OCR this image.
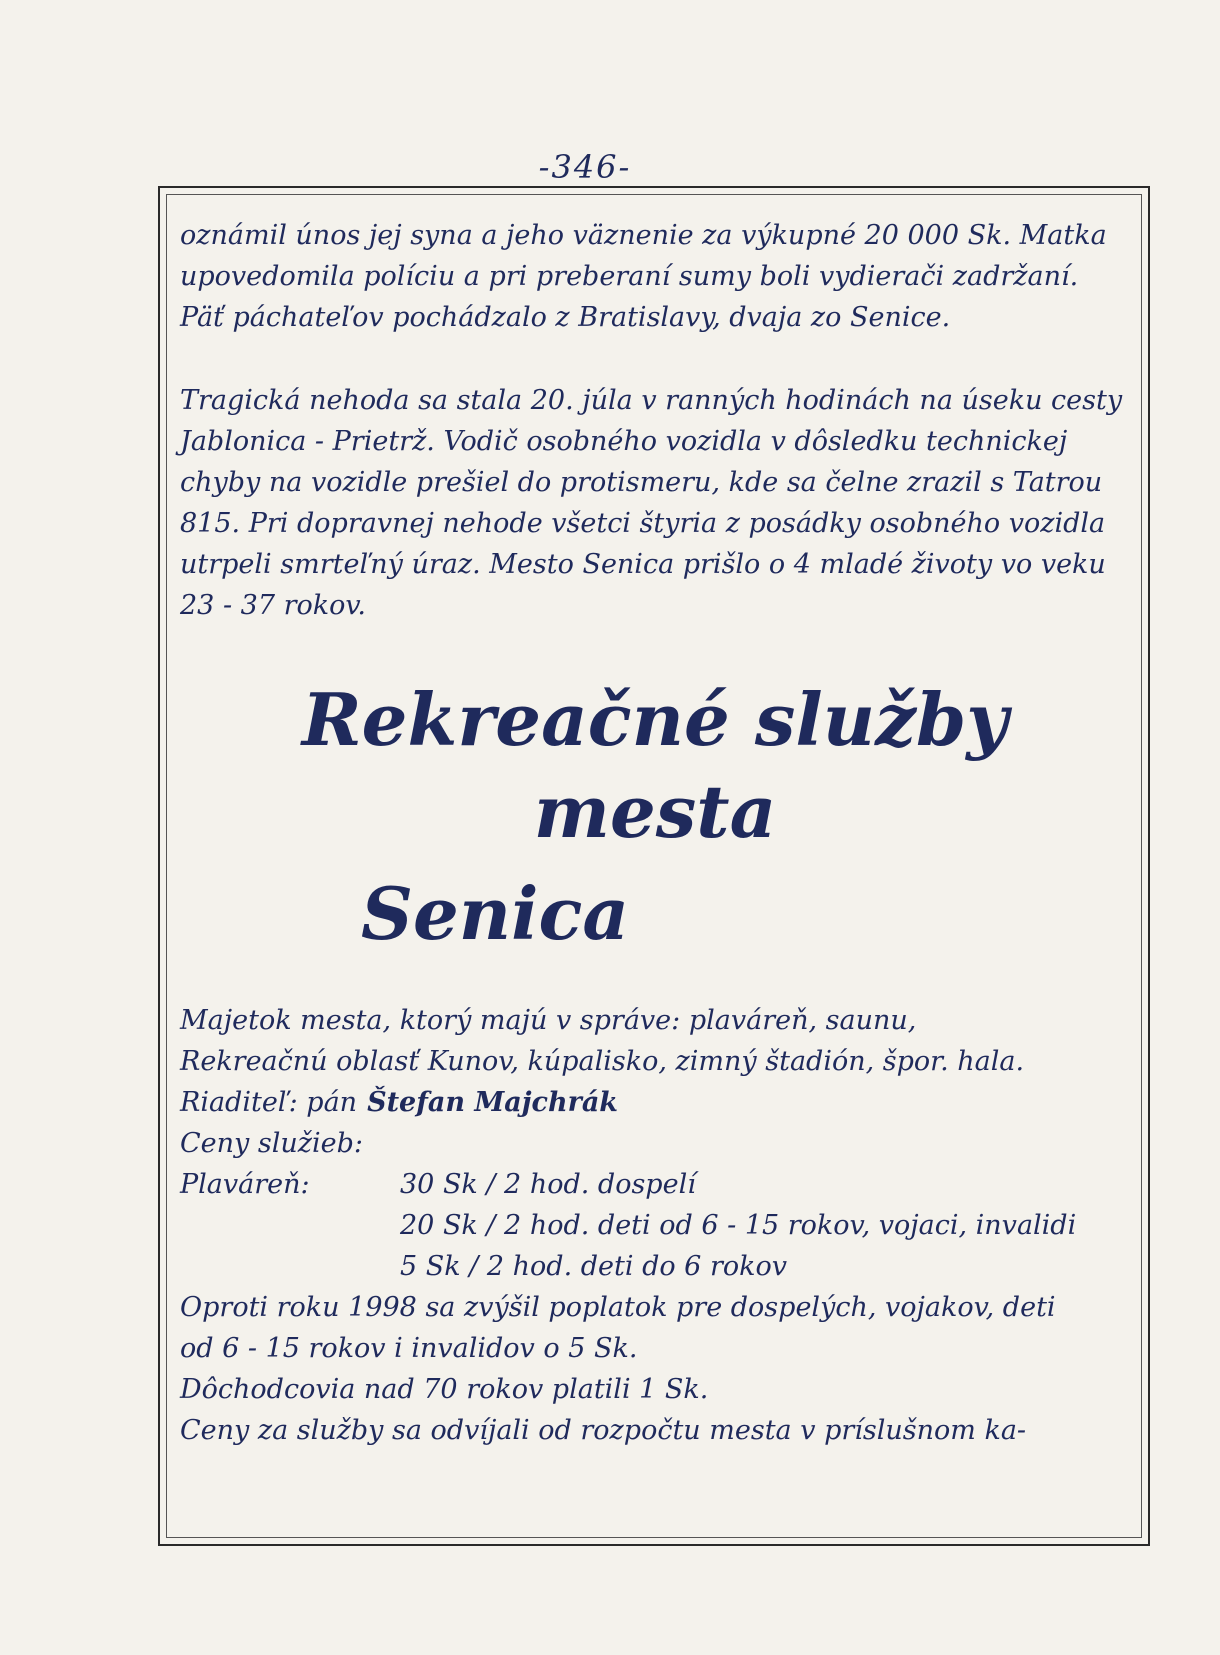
-346-

oznámil únos jej syna a jeho väznenie za výkupné 20 000 Sk. Matka upovedomila políciu a pri preberaní sumy boli vydierači zadržaní. Päť páchateľov pochádzalo z Bratislavy, dvaja zo Senice.

Tragická nehoda sa stala 20. júla v ranných hodinách na úseku cesty Jablonica - Prietrž. Vodič osobného vozidla v dôsledku technickej chyby na vozidle prešiel do protismeru, kde sa čelne zrazil s Tatrou 815. Pri dopravnej nehode všetci štyria z posádky osobného vozidla utrpeli smrteľný úraz. Mesto Senica prišlo o 4 mladé životy vo veku 23 - 37 rokov.

Rekreačné služby mesta
Senica
Majetok mesta, ktorý majú v správe: plaváreň, saunu,
Rekreačnú oblasť Kunov, kúpalisko, zimný štadión, špor. hala.
Riaditeľ: pán Štefan Majchrák
Ceny služieb:
Plaváreň:	30 Sk / 2 hod. dospelí
20 Sk / 2 hod. deti od 6 - 15 rokov, vojaci, invalidi
5 Sk / 2 hod. deti do 6 rokov
Oproti roku 1998 sa zvýšil poplatok pre dospelých, vojakov, deti
od 6 - 15 rokov i invalidov o 5 Sk.
Dôchodcovia nad 70 rokov platili 1 Sk.
Ceny za služby sa odvíjali od rozpočtu mesta v príslušnom ka-
